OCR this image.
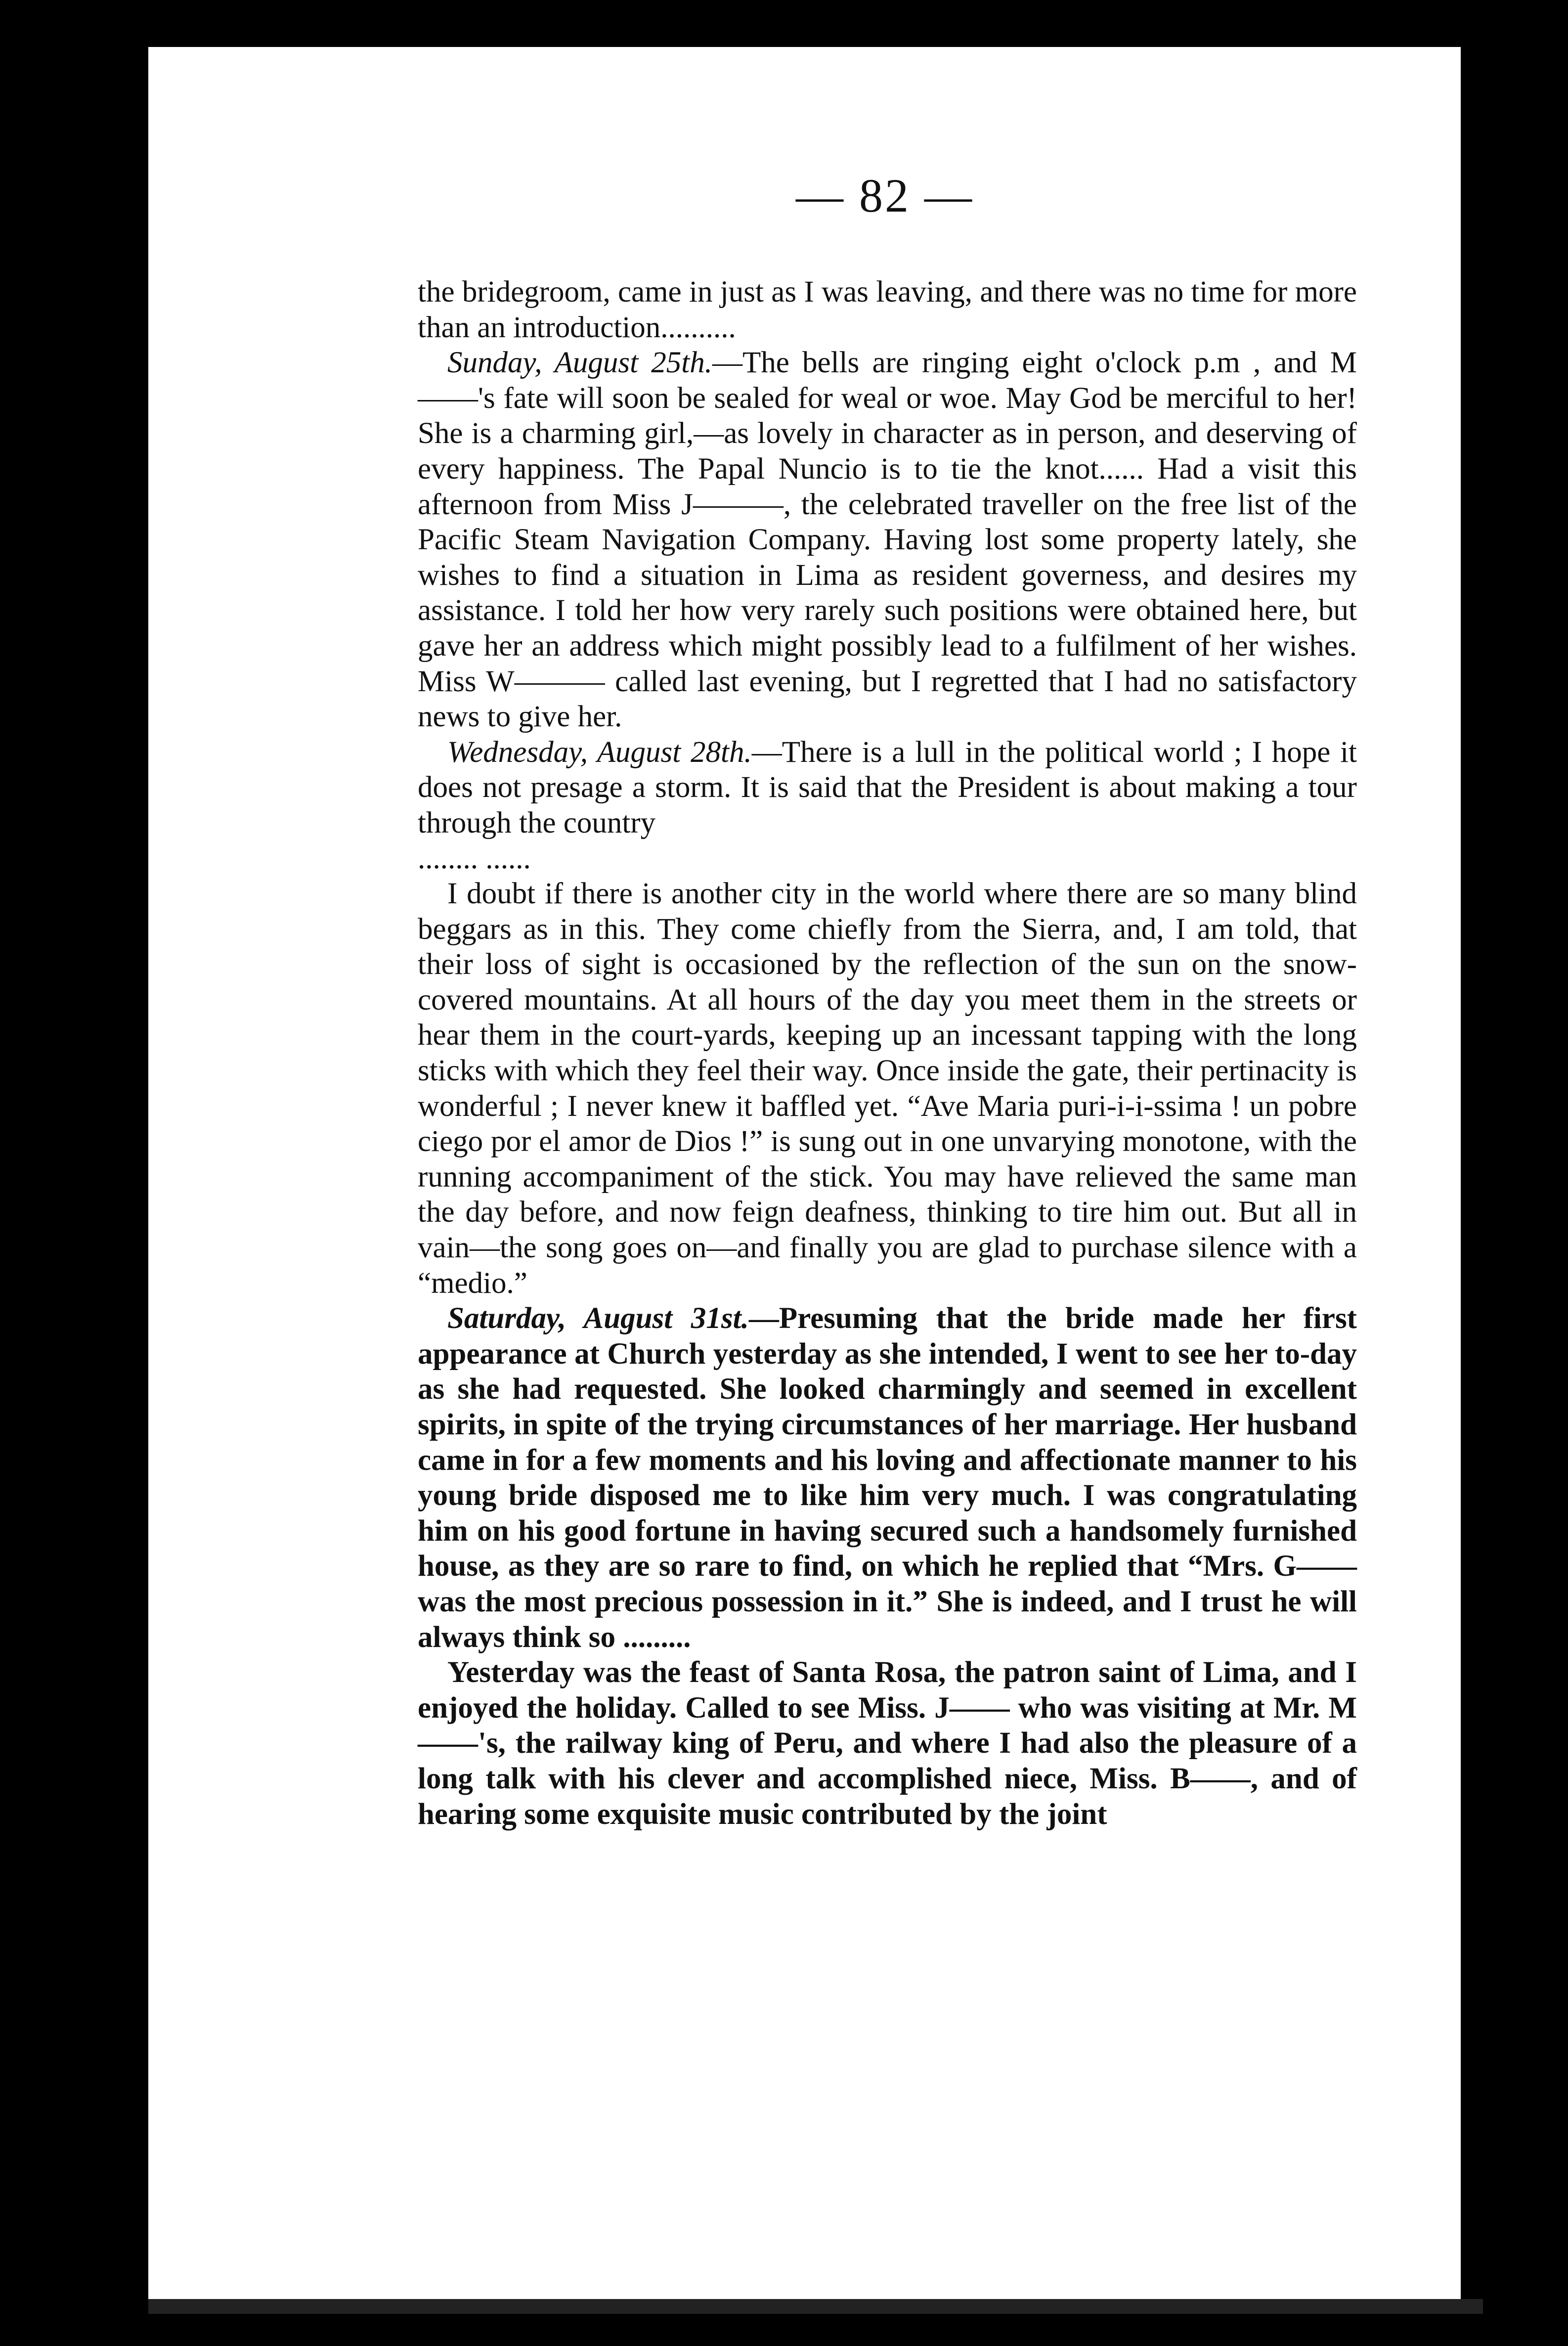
— 82 —

the bridegroom, came in just as I was leaving, and there was no time for more than an introduction..........

Sunday, August 25th.—The bells are ringing eight o'clock p.m , and M——'s fate will soon be sealed for weal or woe. May God be merciful to her! She is a charming girl,—as lovely in character as in person, and deserving of every happiness. The Papal Nuncio is to tie the knot...... Had a visit this afternoon from Miss J———, the celebrated traveller on the free list of the Pacific Steam Navigation Company. Having lost some property lately, she wishes to find a situation in Lima as resident governess, and desires my assistance. I told her how very rarely such positions were obtained here, but gave her an address which might possibly lead to a fulfilment of her wishes. Miss W——— called last evening, but I regretted that I had no satisfactory news to give her.

Wednesday, August 28th.—There is a lull in the political world ; I hope it does not presage a storm. It is said that the President is about making a tour through the country

........ ......

I doubt if there is another city in the world where there are so many blind beggars as in this. They come chiefly from the Sierra, and, I am told, that their loss of sight is occasioned by the reflection of the sun on the snow-covered mountains. At all hours of the day you meet them in the streets or hear them in the court-yards, keeping up an incessant tapping with the long sticks with which they feel their way. Once inside the gate, their pertinacity is wonderful ; I never knew it baffled yet. “Ave Maria puri-i-i-ssima ! un pobre ciego por el amor de Dios !” is sung out in one unvarying monotone, with the running accompaniment of the stick. You may have relieved the same man the day before, and now feign deafness, thinking to tire him out. But all in vain—the song goes on—and finally you are glad to purchase silence with a “medio.”

Saturday, August 31st.—Presuming that the bride made her first appearance at Church yesterday as she intended, I went to see her to-day as she had requested. She looked charmingly and seemed in excellent spirits, in spite of the trying circumstances of her marriage. Her husband came in for a few moments and his loving and affectionate manner to his young bride disposed me to like him very much. I was congratulating him on his good fortune in having secured such a handsomely furnished house, as they are so rare to find, on which he replied that “Mrs. G—— was the most precious possession in it.” She is indeed, and I trust he will always think so .........

Yesterday was the feast of Santa Rosa, the patron saint of Lima, and I enjoyed the holiday. Called to see Miss. J—— who was visiting at Mr. M——'s, the railway king of Peru, and where I had also the pleasure of a long talk with his clever and accomplished niece, Miss. B——, and of hearing some exquisite music contributed by the joint
